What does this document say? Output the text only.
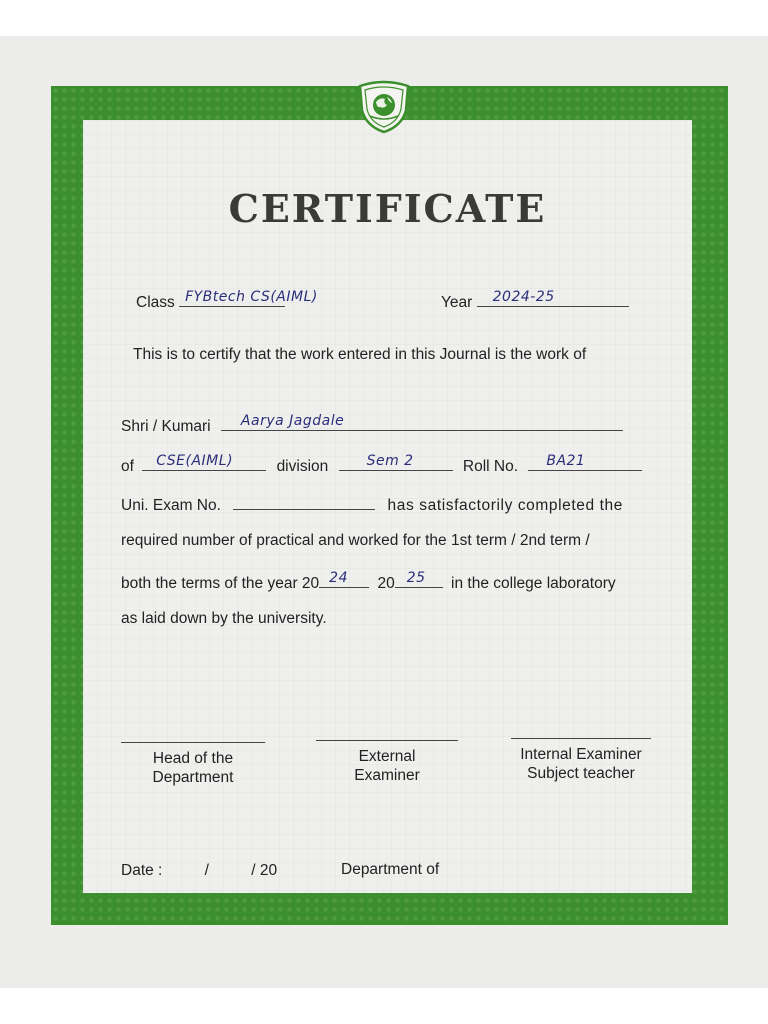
CERTIFICATE
Class FYBtech CS(AIML)	Year 2024-25
This is to certify that the work entered in this Journal is the work of
Shri / Kumari Aarya Jagdale
of CSE(AIML)	division	Sem 2	Roll No. BA21
Uni. Exam No.	has satisfactorily completed the
required number of practical and worked for the 1st term / 2nd term /
both the terms of the year 20 24 20 25 in the college laboratory
as laid down by the university.
Head of the
Department
External
Examiner
Internal Examiner
Subject teacher
Date :	/	/ 20	Department of
